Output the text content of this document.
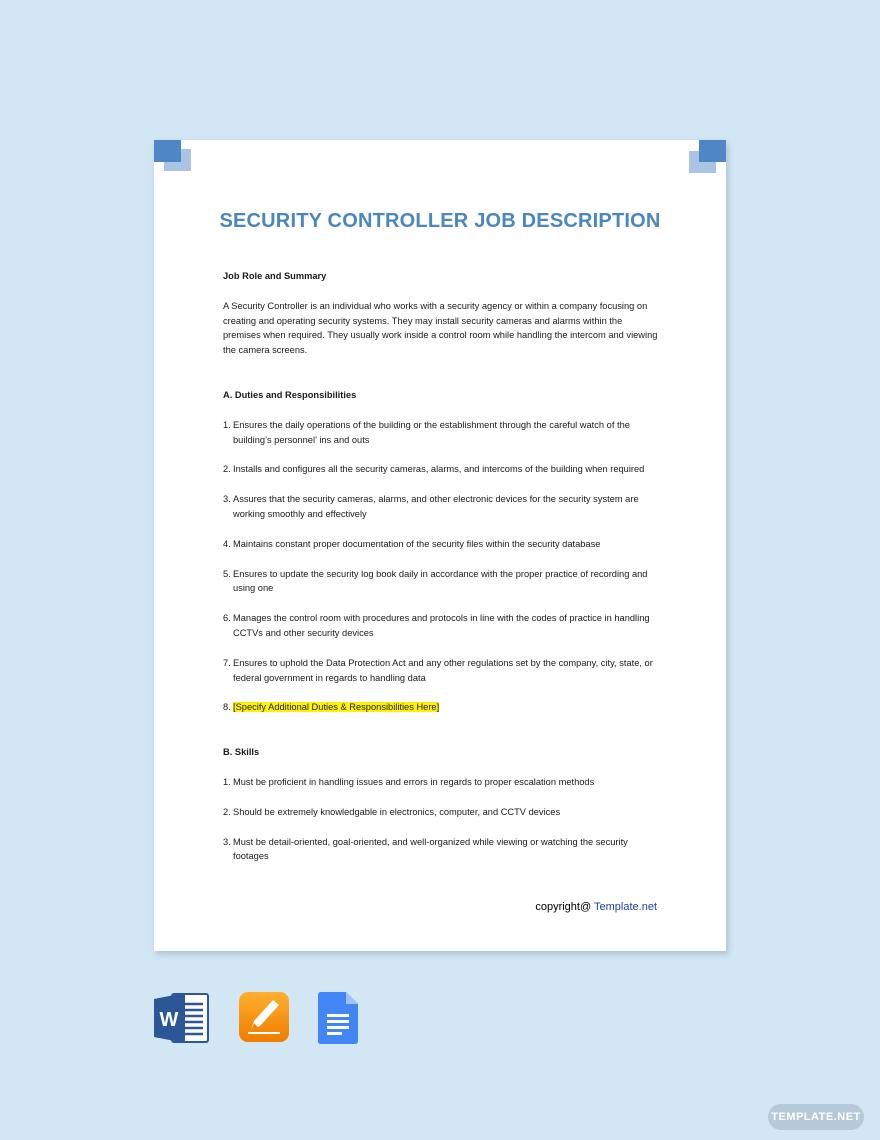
SECURITY CONTROLLER JOB DESCRIPTION

Job Role and Summary

A Security Controller is an individual who works with a security agency or within a company focusing on creating and operating security systems. They may install security cameras and alarms within the premises when required. They usually work inside a control room while handling the intercom and viewing the camera screens.

A. Duties and Responsibilities

1. Ensures the daily operations of the building or the establishment through the careful watch of the building’s personnel’ ins and outs
2. Installs and configures all the security cameras, alarms, and intercoms of the building when required
3. Assures that the security cameras, alarms, and other electronic devices for the security system are working smoothly and effectively
4. Maintains constant proper documentation of the security files within the security database
5. Ensures to update the security log book daily in accordance with the proper practice of recording and using one
6. Manages the control room with procedures and protocols in line with the codes of practice in handling CCTVs and other security devices
7. Ensures to uphold the Data Protection Act and any other regulations set by the company, city, state, or federal government in regards to handling data
8. [Specify Additional Duties & Responsibilities Here]

B. Skills

1. Must be proficient in handling issues and errors in regards to proper escalation methods
2. Should be extremely knowledgable in electronics, computer, and CCTV devices
3. Must be detail-oriented, goal-oriented, and well-organized while viewing or watching the security footages
copyright@ Template.net
W
TEMPLATE.NET
